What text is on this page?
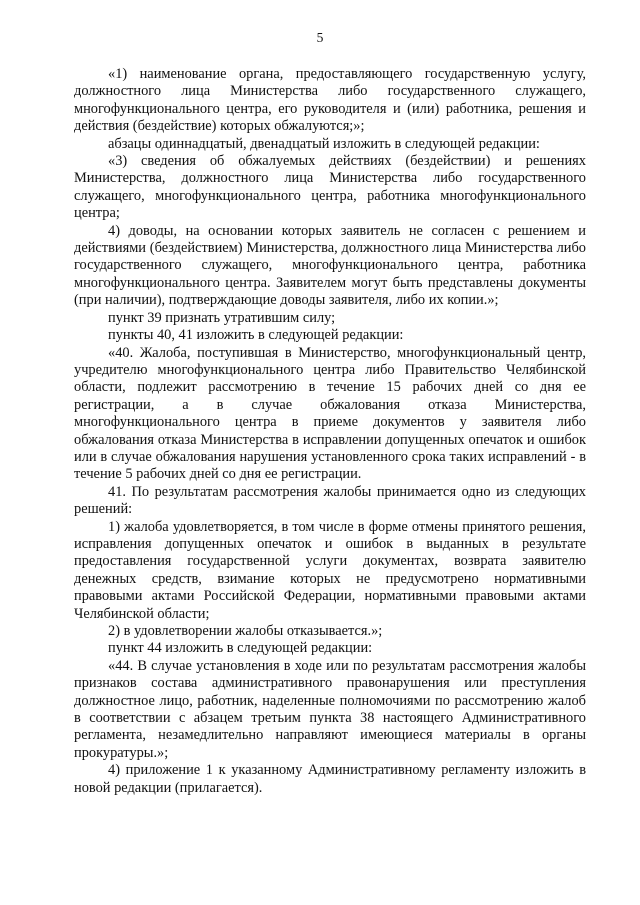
5

«1) наименование органа, предоставляющего государственную услугу, должностного лица Министерства либо государственного служащего, многофункционального центра, его руководителя и (или) работника, решения и действия (бездействие) которых обжалуются;»;

абзацы одиннадцатый, двенадцатый изложить в следующей редакции:

«3) сведения об обжалуемых действиях (бездействии) и решениях Министерства, должностного лица Министерства либо государственного служащего, многофункционального центра, работника многофункционального центра;

4) доводы, на основании которых заявитель не согласен с решением и действиями (бездействием) Министерства, должностного лица Министерства либо государственного служащего, многофункционального центра, работника многофункционального центра. Заявителем могут быть представлены документы (при наличии), подтверждающие доводы заявителя, либо их копии.»;

пункт 39 признать утратившим силу;

пункты 40, 41 изложить в следующей редакции:

«40. Жалоба, поступившая в Министерство, многофункциональный центр, учредителю многофункционального центра либо Правительство Челябинской области, подлежит рассмотрению в течение 15 рабочих дней со дня ее регистрации, а в случае обжалования отказа Министерства, многофункционального центра в приеме документов у заявителя либо обжалования отказа Министерства в исправлении допущенных опечаток и ошибок или в случае обжалования нарушения установленного срока таких исправлений - в течение 5 рабочих дней со дня ее регистрации.

41. По результатам рассмотрения жалобы принимается одно из следующих решений:

1) жалоба удовлетворяется, в том числе в форме отмены принятого решения, исправления допущенных опечаток и ошибок в выданных в результате предоставления государственной услуги документах, возврата заявителю денежных средств, взимание которых не предусмотрено нормативными правовыми актами Российской Федерации, нормативными правовыми актами Челябинской области;

2) в удовлетворении жалобы отказывается.»;

пункт 44 изложить в следующей редакции:

«44. В случае установления в ходе или по результатам рассмотрения жалобы признаков состава административного правонарушения или преступления должностное лицо, работник, наделенные полномочиями по рассмотрению жалоб в соответствии с абзацем третьим пункта 38 настоящего Административного регламента, незамедлительно направляют имеющиеся материалы в органы прокуратуры.»;

4) приложение 1 к указанному Административному регламенту изложить в новой редакции (прилагается).
